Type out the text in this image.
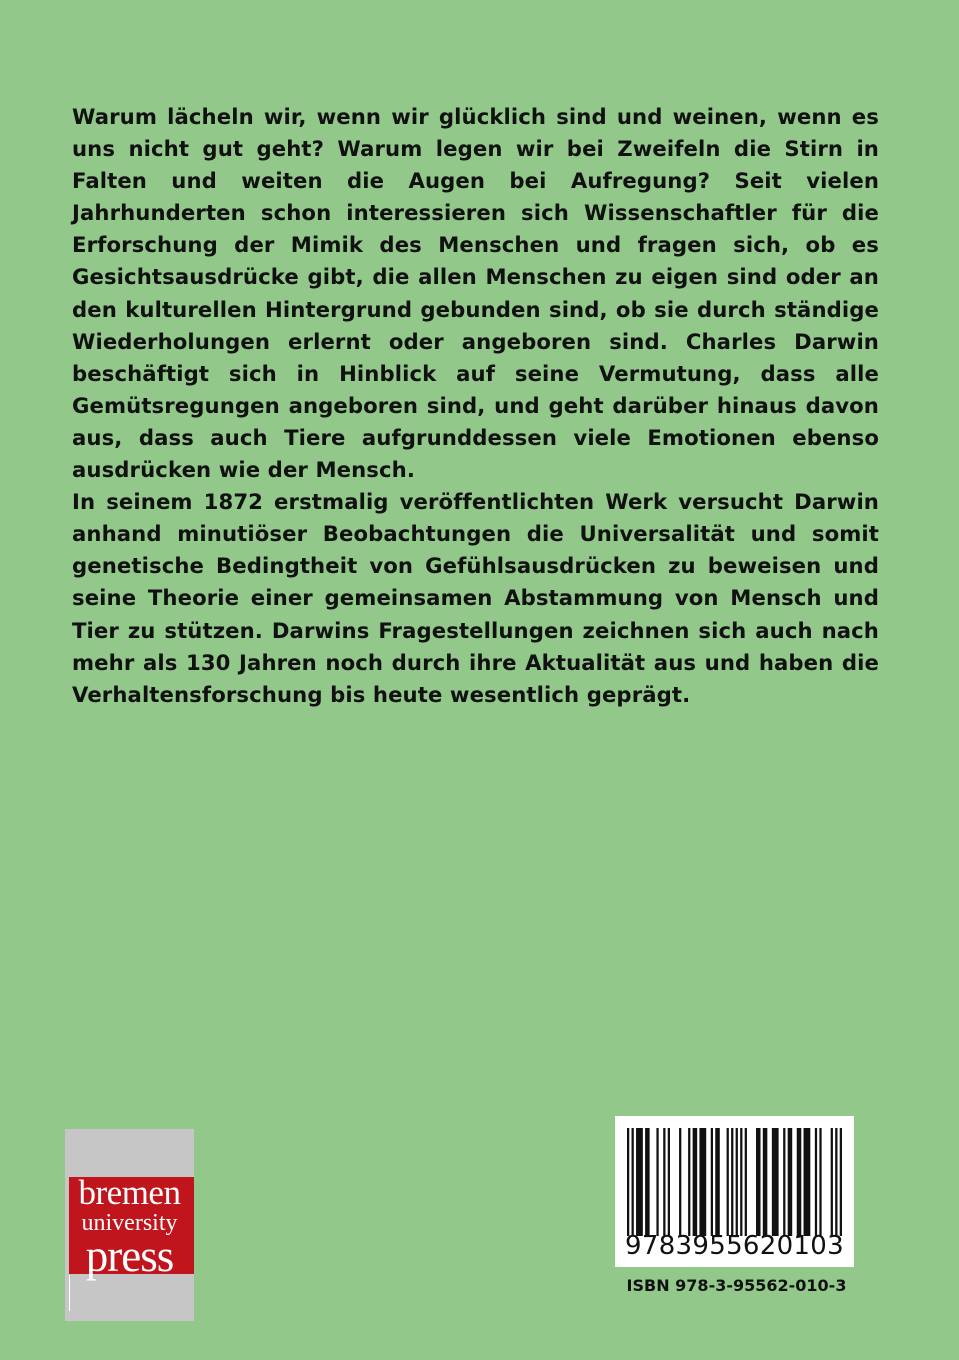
Warum lächeln wir, wenn wir glücklich sind und weinen, wenn es uns nicht gut geht? Warum legen wir bei Zweifeln die Stirn in Falten und weiten die Augen bei Aufregung? Seit vielen Jahrhunderten schon interessieren sich Wissenschaftler für die Erforschung der Mimik des Menschen und fragen sich, ob es Gesichtsausdrücke gibt, die allen Menschen zu eigen sind oder an den kulturellen Hintergrund gebunden sind, ob sie durch ständige Wiederholungen erlernt oder angeboren sind. Charles Darwin beschäftigt sich in Hinblick auf seine Vermutung, dass alle Gemütsregungen angeboren sind, und geht darüber hinaus davon aus, dass auch Tiere aufgrunddessen viele Emotionen ebenso ausdrücken wie der Mensch.

In seinem 1872 erstmalig veröffentlichten Werk versucht Darwin anhand minutiöser Beobachtungen die Universalität und somit genetische Bedingtheit von Gefühlsausdrücken zu beweisen und seine Theorie einer gemeinsamen Abstammung von Mensch und Tier zu stützen. Darwins Fragestellungen zeichnen sich auch nach mehr als 130 Jahren noch durch ihre Aktualität aus und haben die Verhaltensforschung bis heute wesentlich geprägt.

bremen
university
press	9783955620103
ISBN 978-3-95562-010-3
